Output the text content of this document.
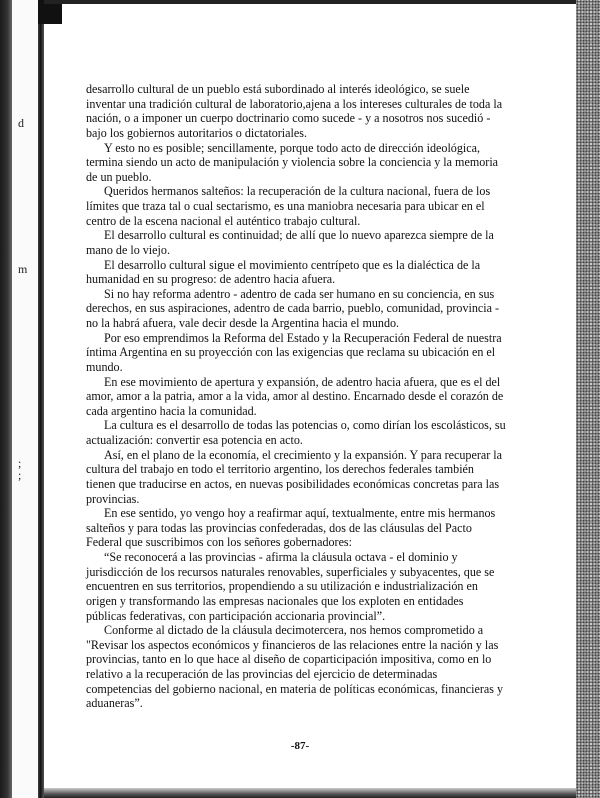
d
m
;
;

desarrollo cultural de un pueblo está subordinado al interés ideológico, se suele inventar una tradición cultural de laboratorio,ajena a los intereses culturales de toda la nación, o a imponer un cuerpo doctrinario como sucede - y a nosotros nos sucedió - bajo los gobiernos autoritarios o dictatoriales.

Y esto no es posible; sencillamente, porque todo acto de dirección ideológica, termina siendo un acto de manipulación y violencia sobre la conciencia y la memoria de un pueblo.

Queridos hermanos salteños: la recuperación de la cultura nacional, fuera de los límites que traza tal o cual sectarismo, es una maniobra necesaria para ubicar en el centro de la escena nacional el auténtico trabajo cultural.

El desarrollo cultural es continuidad; de allí que lo nuevo aparezca siempre de la mano de lo viejo.

El desarrollo cultural sigue el movimiento centrípeto que es la dialéctica de la humanidad en su progreso: de adentro hacia afuera.

Si no hay reforma adentro - adentro de cada ser humano en su conciencia, en sus derechos, en sus aspiraciones, adentro de cada barrio, pueblo, comunidad, provincia - no la habrá afuera, vale decir desde la Argentina hacia el mundo.

Por eso emprendimos la Reforma del Estado y la Recuperación Federal de nuestra íntima Argentina en su proyección con las exigencias que reclama su ubicación en el mundo.

En ese movimiento de apertura y expansión, de adentro hacia afuera, que es el del amor, amor a la patria, amor a la vida, amor al destino. Encarnado desde el corazón de cada argentino hacia la comunidad.

La cultura es el desarrollo de todas las potencias o, como dirían los escolásticos, su actualización: convertir esa potencia en acto.

Así, en el plano de la economía, el crecimiento y la expansión. Y para recuperar la cultura del trabajo en todo el territorio argentino, los derechos federales también tienen que traducirse en actos, en nuevas posibilidades económicas concretas para las provincias.

En ese sentido, yo vengo hoy a reafirmar aquí, textualmente, entre mis hermanos salteños y para todas las provincias confederadas, dos de las cláusulas del Pacto Federal que suscribimos con los señores gobernadores:

“Se reconocerá a las provincias - afirma la cláusula octava - el dominio y jurisdicción de los recursos naturales renovables, superficiales y subyacentes, que se encuentren en sus territorios, propendiendo a su utilización e industrialización en origen y transformando las empresas nacionales que los exploten en entidades públicas federativas, con participación accionaria provincial”.

Conforme al dictado de la cláusula decimotercera, nos hemos comprometido a "Revisar los aspectos económicos y financieros de las relaciones entre la nación y las provincias, tanto en lo que hace al diseño de coparticipación impositiva, como en lo relativo a la recuperación de las provincias del ejercicio de determinadas competencias del gobierno nacional, en materia de políticas económicas, financieras y aduaneras”.

-87-
